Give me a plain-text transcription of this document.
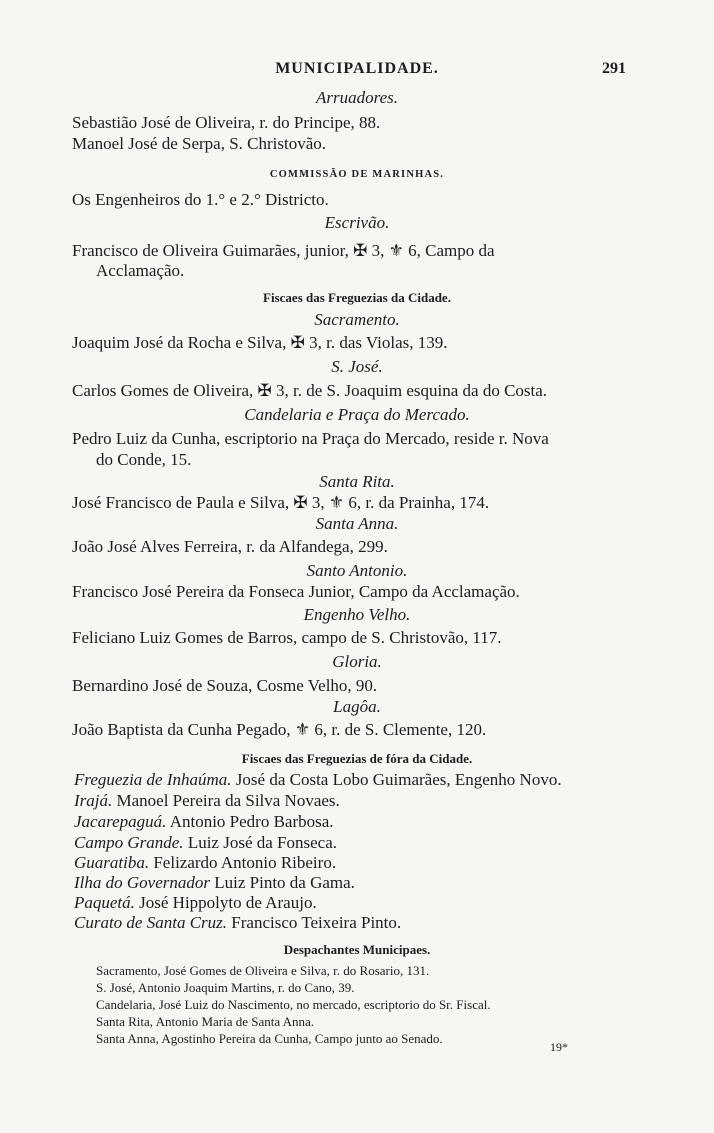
MUNICIPALIDADE.	291
Arruadores.
Sebastião José de Oliveira, r. do Principe, 88.
Manoel José de Serpa, S. Christovão.
COMMISSÃO DE MARINHAS.
Os Engenheiros do 1.° e 2.° Districto.
Escrivão.
Francisco de Oliveira Guimarães, junior, ✠ 3, ⚜ 6, Campo da
Acclamação.
Fiscaes das Freguezias da Cidade.
Sacramento.
Joaquim José da Rocha e Silva, ✠ 3, r. das Violas, 139.
S. José.
Carlos Gomes de Oliveira, ✠ 3, r. de S. Joaquim esquina da do Costa.
Candelaria e Praça do Mercado.
Pedro Luiz da Cunha, escriptorio na Praça do Mercado, reside r. Nova
do Conde, 15.
Santa Rita.
José Francisco de Paula e Silva, ✠ 3, ⚜ 6, r. da Prainha, 174.
Santa Anna.
João José Alves Ferreira, r. da Alfandega, 299.
Santo Antonio.
Francisco José Pereira da Fonseca Junior, Campo da Acclamação.
Engenho Velho.
Feliciano Luiz Gomes de Barros, campo de S. Christovão, 117.
Gloria.
Bernardino José de Souza, Cosme Velho, 90.
Lagôa.
João Baptista da Cunha Pegado, ⚜ 6, r. de S. Clemente, 120.
Fiscaes das Freguezias de fóra da Cidade.
Freguezia de Inhaúma. José da Costa Lobo Guimarães, Engenho Novo.
Irajá. Manoel Pereira da Silva Novaes.
Jacarepaguá. Antonio Pedro Barbosa.
Campo Grande. Luiz José da Fonseca.
Guaratiba. Felizardo Antonio Ribeiro.
Ilha do Governador Luiz Pinto da Gama.
Paquetá. José Hippolyto de Araujo.
Curato de Santa Cruz. Francisco Teixeira Pinto.
Despachantes Municipaes.
Sacramento, José Gomes de Oliveira e Silva, r. do Rosario, 131.
S. José, Antonio Joaquim Martins, r. do Cano, 39.
Candelaria, José Luiz do Nascimento, no mercado, escriptorio do Sr. Fiscal.
Santa Rita, Antonio Maria de Santa Anna.
Santa Anna, Agostinho Pereira da Cunha, Campo junto ao Senado.
19*
